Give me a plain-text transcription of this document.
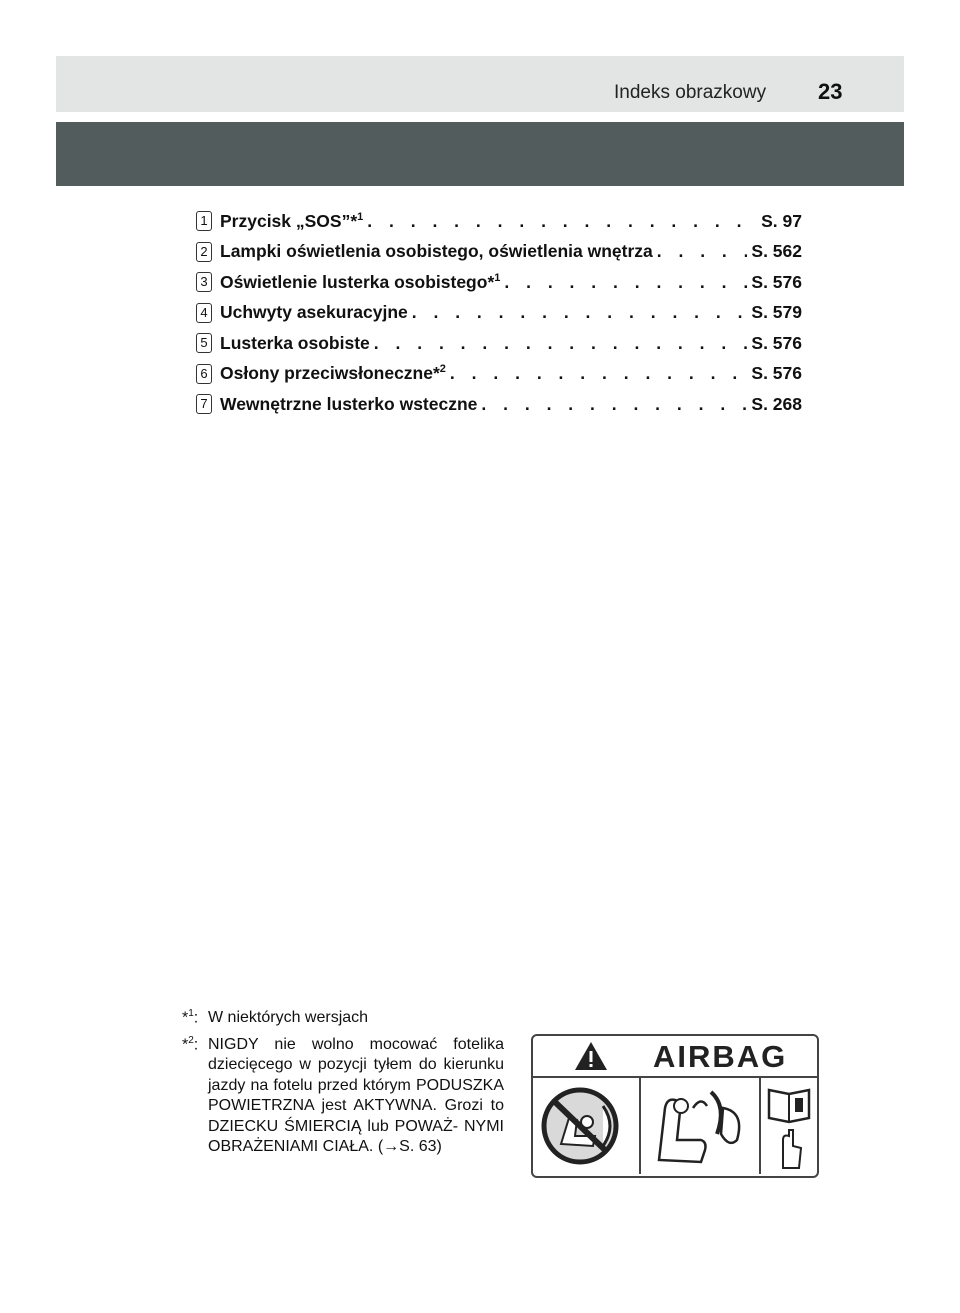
Indeks obrazkowy 23
1 Przycisk „SOS”*$^1$ . . .	S. 97
2 Lampki oświetlenia osobistego, oświetlenia wnętrza . . .	S. 562
3 Oświetlenie lusterka osobistego*$^1$ . . .	S. 576
4 Uchwyty asekuracyjne . . .	S. 579
5 Lusterka osobiste . . .	S. 576
6 Osłony przeciwsłoneczne*$^2$ . . .	S. 576
7 Wewnętrzne lusterko wsteczne . . .	S. 268
*$^1$: W niektórych wersjach
*$^2$: NIGDY nie wolno mocować fotelika dziecięcego w pozycji tyłem do kierunku jazdy na fotelu przed którym PODUSZKA POWIETRZNA jest AKTYWNA. Grozi to DZIECKU ŚMIERCIĄ lub POWAŻ- NYMI OBRAŻENIAMI CIAŁA. (→S. 63)
AIRBAG
